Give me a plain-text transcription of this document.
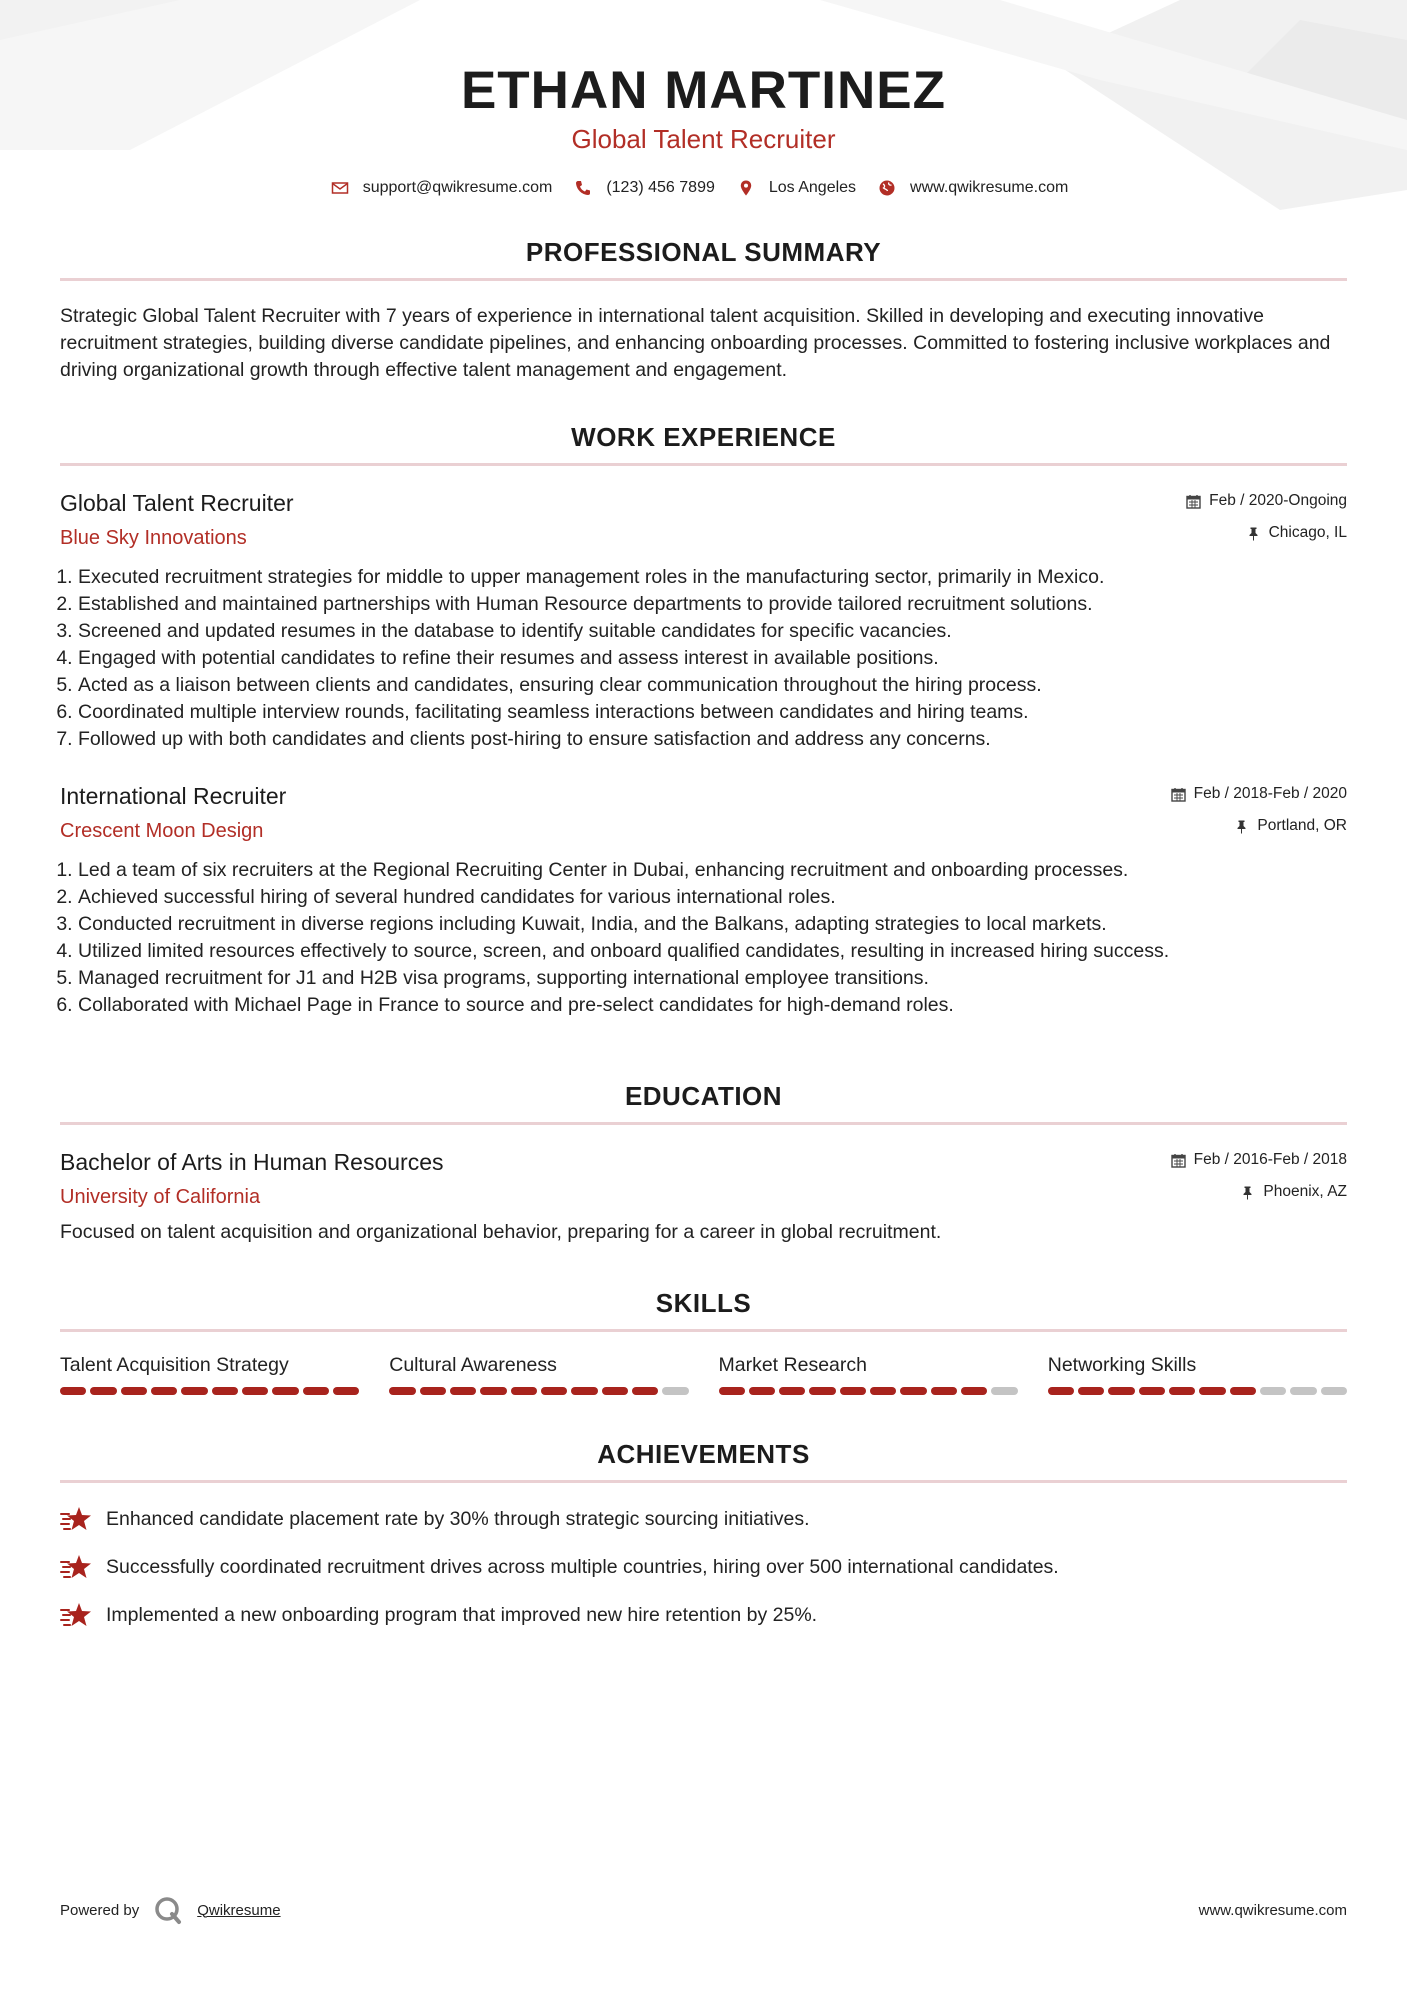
ETHAN MARTINEZ
Global Talent Recruiter
support@qwikresume.com	(123) 456 7899	Los Angeles	www.qwikresume.com
PROFESSIONAL SUMMARY
Strategic Global Talent Recruiter with 7 years of experience in international talent acquisition. Skilled in developing and executing innovative recruitment strategies, building diverse candidate pipelines, and enhancing onboarding processes. Committed to fostering inclusive workplaces and driving organizational growth through effective talent management and engagement.
WORK EXPERIENCE
Global Talent Recruiter
Blue Sky Innovations
Feb / 2020-Ongoing
Chicago, IL
1. Executed recruitment strategies for middle to upper management roles in the manufacturing sector, primarily in Mexico.
2. Established and maintained partnerships with Human Resource departments to provide tailored recruitment solutions.
3. Screened and updated resumes in the database to identify suitable candidates for specific vacancies.
4. Engaged with potential candidates to refine their resumes and assess interest in available positions.
5. Acted as a liaison between clients and candidates, ensuring clear communication throughout the hiring process.
6. Coordinated multiple interview rounds, facilitating seamless interactions between candidates and hiring teams.
7. Followed up with both candidates and clients post-hiring to ensure satisfaction and address any concerns.
International Recruiter
Crescent Moon Design
Feb / 2018-Feb / 2020
Portland, OR
1. Led a team of six recruiters at the Regional Recruiting Center in Dubai, enhancing recruitment and onboarding processes.
2. Achieved successful hiring of several hundred candidates for various international roles.
3. Conducted recruitment in diverse regions including Kuwait, India, and the Balkans, adapting strategies to local markets.
4. Utilized limited resources effectively to source, screen, and onboard qualified candidates, resulting in increased hiring success.
5. Managed recruitment for J1 and H2B visa programs, supporting international employee transitions.
6. Collaborated with Michael Page in France to source and pre-select candidates for high-demand roles.
EDUCATION
Bachelor of Arts in Human Resources
University of California
Feb / 2016-Feb / 2018
Phoenix, AZ
Focused on talent acquisition and organizational behavior, preparing for a career in global recruitment.
SKILLS
Talent Acquisition Strategy	Cultural Awareness	Market Research	Networking Skills
ACHIEVEMENTS
Enhanced candidate placement rate by 30% through strategic sourcing initiatives.
Successfully coordinated recruitment drives across multiple countries, hiring over 500 international candidates.
Implemented a new onboarding program that improved new hire retention by 25%.
Powered by	Qwikresume	www.qwikresume.com
